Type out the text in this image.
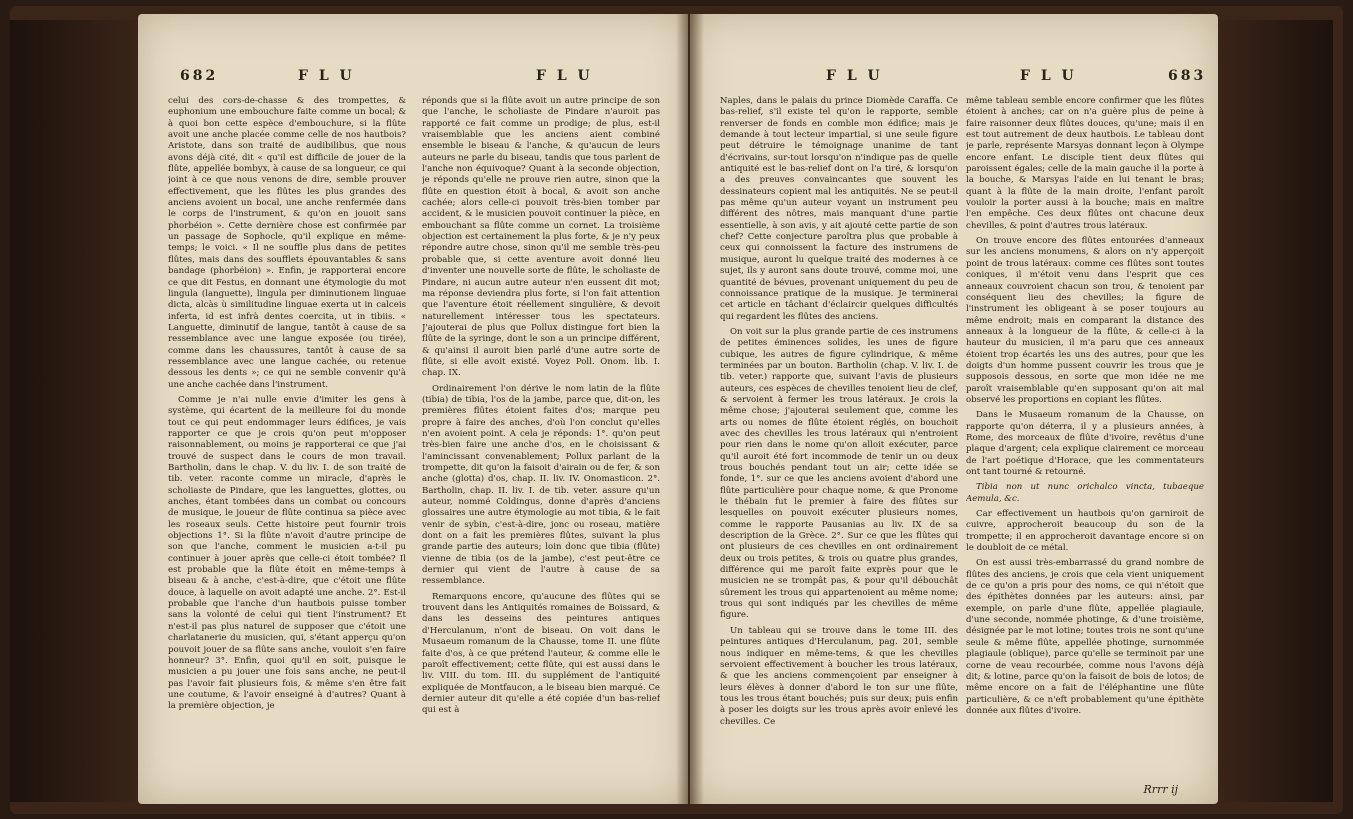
682	F L U	F L U

celui des cors-de-chasse & des trompettes, & euphonium une embouchure faite comme un bocal; & à quoi bon cette espèce d'embouchure, si la flûte avoit une anche placée comme celle de nos hautbois? Aristote, dans son traité de audibilibus, que nous avons déjà cité, dit « qu'il est difficile de jouer de la flûte, appellée bombyx, à cause de sa longueur, ce qui joint à ce que nous venons de dire, semble prouver effectivement, que les flûtes les plus grandes des anciens avoient un bocal, une anche renfermée dans le corps de l'instrument, & qu'on en jouoit sans phorbéion ». Cette dernière chose est confirmée par un passage de Sophocle, qu'il explique en même-temps; le voici. « Il ne souffle plus dans de petites flûtes, mais dans des soufflets épouvantables & sans bandage (phorbéion) ». Enfin, je rapporterai encore ce que dit Festus, en donnant une étymologie du mot lingula (languette), lingula per diminutionem linguae dicta, alcàs ù similitudine linguae exerta ut in calceis inferta, id est infrà dentes coercita, ut in tibiis. « Languette, diminutif de langue, tantôt à cause de sa ressemblance avec une langue exposée (ou tirée), comme dans les chaussures, tantôt à cause de sa ressemblance avec une langue cachée, ou retenue dessous les dents »; ce qui ne semble convenir qu'à une anche cachée dans l'instrument.

Comme je n'ai nulle envie d'imiter les gens à système, qui écartent de la meilleure foi du monde tout ce qui peut endommager leurs édifices, je vais rapporter ce que je crois qu'on peut m'opposer raisonnablement, ou moins je rapporterai ce que j'ai trouvé de suspect dans le cours de mon travail. Bartholin, dans le chap. V. du liv. I. de son traité de tib. veter. raconte comme un miracle, d'après le scholiaste de Pindare, que les languettes, glottes, ou anches, étant tombées dans un combat ou concours de musique, le joueur de flûte continua sa pièce avec les roseaux seuls. Cette histoire peut fournir trois objections 1°. Si la flûte n'avoit d'autre principe de son que l'anche, comment le musicien a-t-il pu continuer à jouer après que celle-ci étoit tombée? Il est probable que la flûte étoit en même-temps à biseau & à anche, c'est-à-dire, que c'étoit une flûte douce, à laquelle on avoit adapté une anche. 2°. Est-il probable que l'anche d'un hautbois puisse tomber sans la volonté de celui qui tient l'instrument? Et n'est-il pas plus naturel de supposer que c'étoit une charlatanerie du musicien, qui, s'étant apperçu qu'on pouvoit jouer de sa flûte sans anche, vouloit s'en faire honneur? 3°. Enfin, quoi qu'il en soit, puisque le musicien a pu jouer une fois sans anche, ne peut-il pas l'avoir fait plusieurs fois, & même s'en être fait une coutume, & l'avoir enseigné à d'autres? Quant à la première objection, je

réponds que si la flûte avoit un autre principe de son que l'anche, le scholiaste de Pindare n'auroit pas rapporté ce fait comme un prodige; de plus, est-il vraisemblable que les anciens aient combiné ensemble le biseau & l'anche, & qu'aucun de leurs auteurs ne parle du biseau, tandis que tous parlent de l'anche non équivoque? Quant à la seconde objection, je réponds qu'elle ne prouve rien autre, sinon que la flûte en question étoit à bocal, & avoit son anche cachée; alors celle-ci pouvoit très-bien tomber par accident, & le musicien pouvoit continuer la pièce, en embouchant sa flûte comme un cornet. La troisième objection est certainement la plus forte, & je n'y peux répondre autre chose, sinon qu'il me semble très-peu probable que, si cette aventure avoit donné lieu d'inventer une nouvelle sorte de flûte, le scholiaste de Pindare, ni aucun autre auteur n'en eussent dit mot; ma réponse deviendra plus forte, si l'on fait attention que l'aventure étoit réellement singulière, & devoit naturellement intéresser tous les spectateurs. J'ajouterai de plus que Pollux distingue fort bien la flûte de la syringe, dont le son a un principe différent, & qu'ainsi il auroit bien parlé d'une autre sorte de flûte, si elle avoit existé. Voyez Poll. Onom. lib. I. chap. IX.

Ordinairement l'on dérive le nom latin de la flûte (tibia) de tibia, l'os de la jambe, parce que, dit-on, les premières flûtes étoient faites d'os; marque peu propre à faire des anches, d'où l'on conclut qu'elles n'en avoient point. A cela je réponds: 1°. qu'on peut très-bien faire une anche d'os, en le choisissant & l'amincissant convenablement; Pollux parlant de la trompette, dit qu'on la faisoit d'airain ou de fer, & son anche (glotta) d'os, chap. II. liv. IV. Onomasticon. 2°. Bartholin, chap. II. liv. I. de tib. veter. assure qu'un auteur, nommé Coldingus, donne d'après d'anciens glossaires une autre étymologie au mot tibia, & le fait venir de sybin, c'est-à-dire, jonc ou roseau, matière dont on a fait les premières flûtes, suivant la plus grande partie des auteurs; loin donc que tibia (flûte) vienne de tibia (os de la jambe), c'est peut-être ce dernier qui vient de l'autre à cause de sa ressemblance.

Remarquons encore, qu'aucune des flûtes qui se trouvent dans les Antiquités romaines de Boissard, & dans les desseins des peintures antiques d'Herculanum, n'ont de biseau. On voit dans le Musaeum romanum de la Chausse, tome II. une flûte faite d'os, à ce que prétend l'auteur, & comme elle le paroît effectivement; cette flûte, qui est aussi dans le liv. VIII. du tom. III. du supplément de l'antiquité expliquée de Montfaucon, a le biseau bien marqué. Ce dernier auteur dit qu'elle a été copiée d'un bas-relief qui est à

F L U	F L U	683

Naples, dans le palais du prince Diomède Caraffa. Ce bas-relief, s'il existe tel qu'on le rapporte, semble renverser de fonds en comble mon édifice; mais je demande à tout lecteur impartial, si une seule figure peut détruire le témoignage unanime de tant d'écrivains, sur-tout lorsqu'on n'indique pas de quelle antiquité est le bas-relief dont on l'a tiré, & lorsqu'on a des preuves convaincantes que souvent les dessinateurs copient mal les antiquités. Ne se peut-il pas même qu'un auteur voyant un instrument peu différent des nôtres, mais manquant d'une partie essentielle, à son avis, y ait ajouté cette partie de son chef? Cette conjecture paroîtra plus que probable à ceux qui connoissent la facture des instrumens de musique, auront lu quelque traité des modernes à ce sujet, ils y auront sans doute trouvé, comme moi, une quantité de bévues, provenant uniquement du peu de connoissance pratique de la musique. Je terminerai cet article en tâchant d'éclaircir quelques difficultés qui regardent les flûtes des anciens.

On voit sur la plus grande partie de ces instrumens de petites éminences solides, les unes de figure cubique, les autres de figure cylindrique, & même terminées par un bouton. Bartholin (chap. V. liv. I. de tib. veter.) rapporte que, suivant l'avis de plusieurs auteurs, ces espèces de chevilles tenoient lieu de clef, & servoient à fermer les trous latéraux. Je crois la même chose; j'ajouterai seulement que, comme les arts ou nomes de flûte étoient réglés, on bouchoit avec des chevilles les trous latéraux qui n'entroient pour rien dans le nome qu'on alloit exécuter, parce qu'il auroit été fort incommode de tenir un ou deux trous bouchés pendant tout un air; cette idée se fonde, 1°. sur ce que les anciens avoient d'abord une flûte particulière pour chaque nome, & que Pronome le thébain fut le premier à faire des flûtes sur lesquelles on pouvoit exécuter plusieurs nomes, comme le rapporte Pausanias au liv. IX de sa description de la Grèce. 2°. Sur ce que les flûtes qui ont plusieurs de ces chevilles en ont ordinairement deux ou trois petites, & trois ou quatre plus grandes, différence qui me paroît faite exprès pour que le musicien ne se trompât pas, & pour qu'il débouchât sûrement les trous qui appartenoient au même nome; trous qui sont indiqués par les chevilles de même figure.

Un tableau qui se trouve dans le tome III. des peintures antiques d'Herculanum, pag. 201, semble nous indiquer en même-tems, & que les chevilles servoient effectivement à boucher les trous latéraux, & que les anciens commençoient par enseigner à leurs élèves à donner d'abord le ton sur une flûte, tous les trous étant bouchés; puis sur deux; puis enfin à poser les doigts sur les trous après avoir enlevé les chevilles. Ce

même tableau semble encore confirmer que les flûtes étoient à anches; car on n'a guère plus de peine à faire raisonner deux flûtes douces, qu'une; mais il en est tout autrement de deux hautbois. Le tableau dont je parle, représente Marsyas donnant leçon à Olympe encore enfant. Le disciple tient deux flûtes qui paroissent égales; celle de la main gauche il la porte à la bouche, & Marsyas l'aide en lui tenant le bras; quant à la flûte de la main droite, l'enfant paroît vouloir la porter aussi à la bouche; mais en maître l'en empêche. Ces deux flûtes ont chacune deux chevilles, & point d'autres trous latéraux.

On trouve encore des flûtes entourées d'anneaux sur les anciens monumens, & alors on n'y apperçoit point de trous latéraux: comme ces flûtes sont toutes coniques, il m'étoit venu dans l'esprit que ces anneaux couvroient chacun son trou, & tenoient par conséquent lieu des chevilles; la figure de l'instrument les obligeant à se poser toujours au même endroit; mais en comparant la distance des anneaux à la longueur de la flûte, & celle-ci à la hauteur du musicien, il m'a paru que ces anneaux étoient trop écartés les uns des autres, pour que les doigts d'un homme pussent couvrir les trous que je supposois dessous, en sorte que mon idée ne me paroît vraisemblable qu'en supposant qu'on ait mal observé les proportions en copiant les flûtes.

Dans le Musaeum romanum de la Chausse, on rapporte qu'on déterra, il y a plusieurs années, à Rome, des morceaux de flûte d'ivoire, revêtus d'une plaque d'argent; cela explique clairement ce morceau de l'art poétique d'Horace, que les commentateurs ont tant tourné & retourné.

Tibia non ut nunc orichalco vincta, tubaeque Aemula, &c.

Car effectivement un hautbois qu'on garniroit de cuivre, approcheroit beaucoup du son de la trompette; il en approcheroit davantage encore si on le doubloit de ce métal.

On est aussi très-embarrassé du grand nombre de flûtes des anciens, je crois que cela vient uniquement de ce qu'on a pris pour des noms, ce qui n'étoit que des épithètes données par les auteurs: ainsi, par exemple, on parle d'une flûte, appellée plagiaule, d'une seconde, nommée photinge, & d'une troisième, désignée par le mot lotine; toutes trois ne sont qu'une seule & même flûte, appellée photinge, surnommée plagiaule (oblique), parce qu'elle se terminoit par une corne de veau recourbée, comme nous l'avons déjà dit; & lotine, parce qu'on la faisoit de bois de lotos; de même encore on a fait de l'éléphantine une flûte particulière, & ce n'eft probablement qu'une épithète donnée aux flûtes d'ivoire.

Rrrr ij
